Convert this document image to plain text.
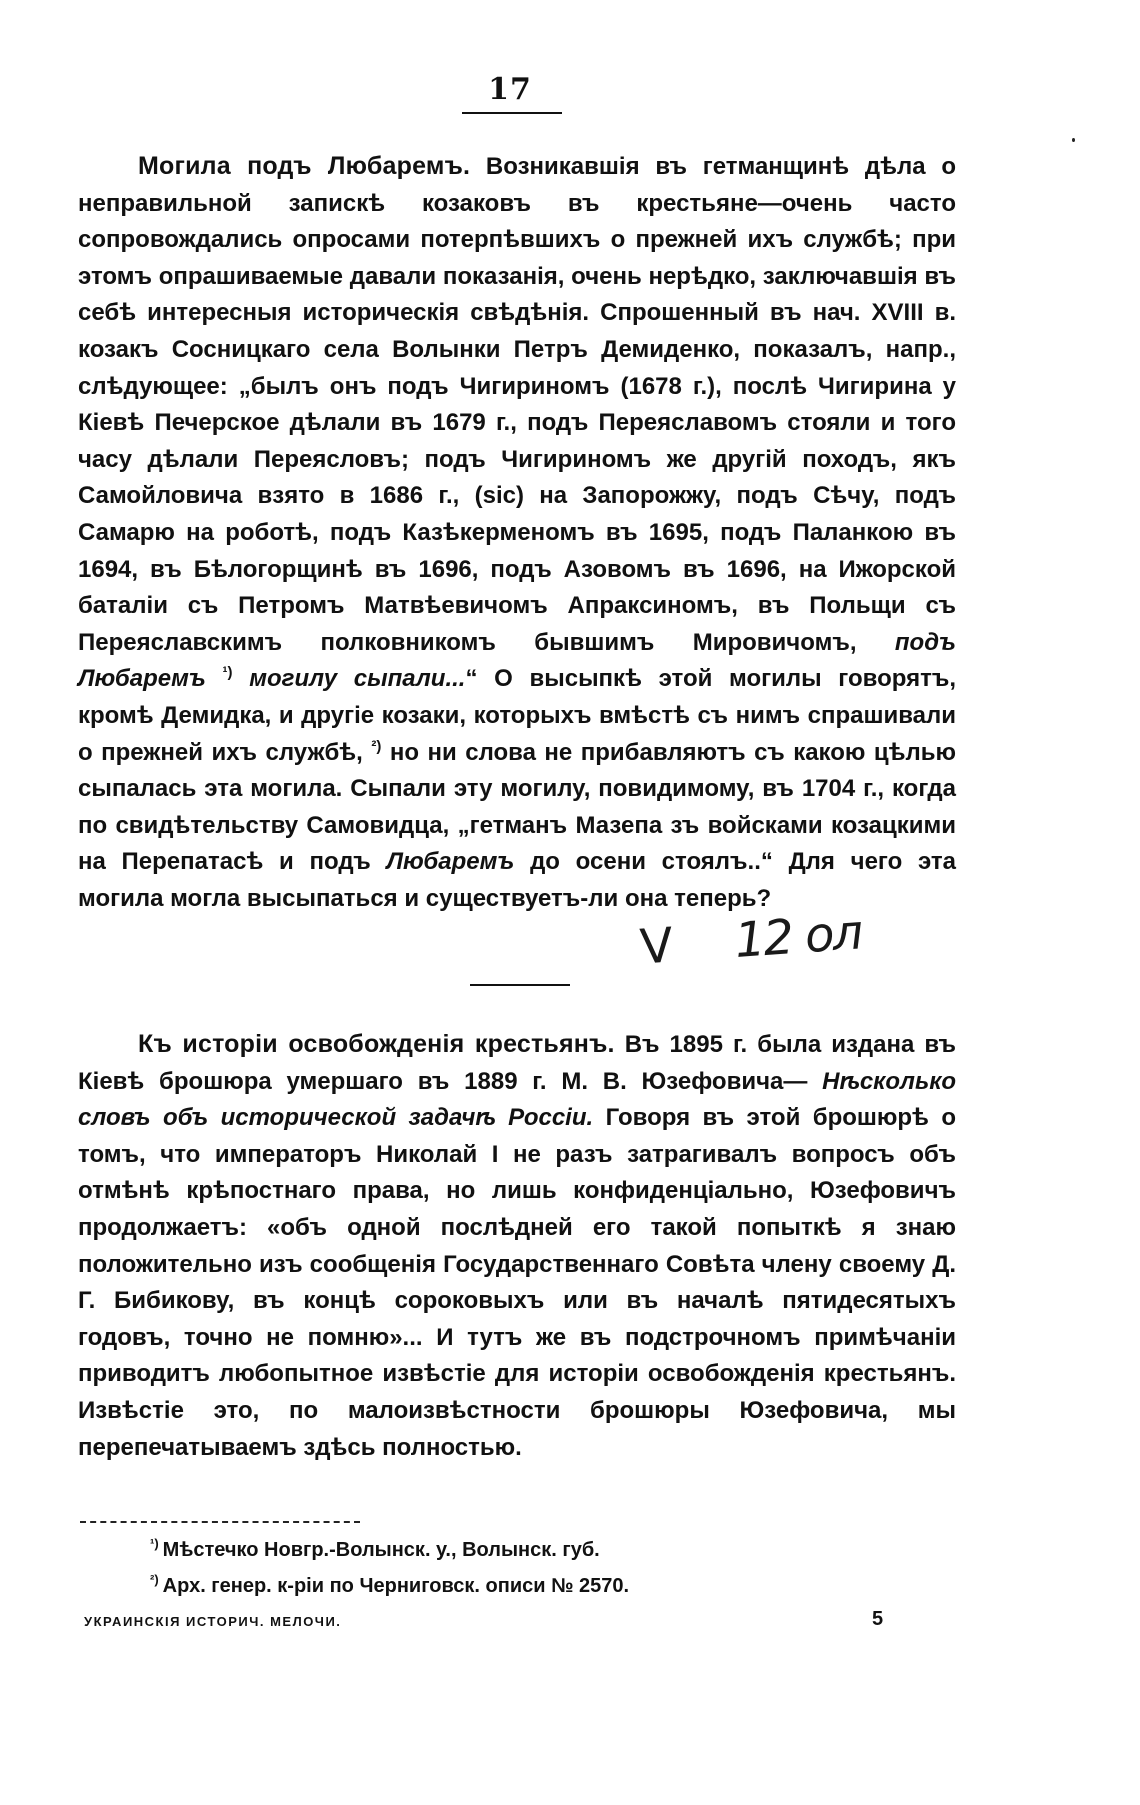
17

Могила подъ Любаремъ. Возникавшія въ гетманщинѣ дѣла о неправильной запискѣ козаковъ въ крестьяне—очень часто сопровождались опросами потерпѣвшихъ о прежней ихъ службѣ; при этомъ опрашиваемые давали показанія, очень нерѣдко, заключавшія въ себѣ интересныя историческія свѣдѣнія. Спрошенный въ нач. XVIII в. козакъ Сосницкаго села Волынки Петръ Демиденко, показалъ, напр., слѣдующее: „былъ онъ подъ Чигириномъ (1678 г.), послѣ Чигирина у Кіевѣ Печерское дѣлали въ 1679 г., подъ Переяславомъ стояли и того часу дѣлали Переясловъ; подъ Чигириномъ же другій походъ, якъ Самойловича взято в 1686 г., (sic) на Запорожжу, подъ Сѣчу, подъ Самарю на роботѣ, подъ Казѣкерменомъ въ 1695, подъ Паланкою въ 1694, въ Бѣлогорщинѣ въ 1696, подъ Азовомъ въ 1696, на Ижорской баталіи съ Петромъ Матвѣевичомъ Апраксиномъ, въ Польщи съ Переяславскимъ полковникомъ бывшимъ Мировичомъ, подъ Любаремъ $^{^1)}$ могилу сыпали...“ О высыпкѣ этой могилы говорятъ, кромѣ Демидка, и другіе козаки, которыхъ вмѣстѣ съ нимъ спрашивали о прежней ихъ службѣ, $^{^2)}$ но ни слова не прибавляютъ съ какою цѣлью сыпалась эта могила. Сыпали эту могилу, повидимому, въ 1704 г., когда по свидѣтельству Самовидца, „гетманъ Мазепа зъ войсками козацкими на Перепатасѣ и подъ Любаремъ до осени стоялъ..“ Для чего эта могила могла высыпаться и существуетъ-ли она теперь?

V 12 ол

Къ исторіи освобожденія крестьянъ. Въ 1895 г. была издана въ Кіевѣ брошюра умершаго въ 1889 г. М. В. Юзефовича— Нѣсколько словъ объ исторической задачѣ Россіи. Говоря въ этой брошюрѣ о томъ, что императоръ Николай I не разъ затрагивалъ вопросъ объ отмѣнѣ крѣпостнаго права, но лишь конфиденціально, Юзефовичъ продолжаетъ: «объ одной послѣдней его такой попыткѣ я знаю положительно изъ сообщенія Государственнаго Совѣта члену своему Д. Г. Бибикову, въ концѣ сороковыхъ или въ началѣ пятидесятыхъ годовъ, точно не помню»... И тутъ же въ подстрочномъ примѣчаніи приводитъ любопытное извѣстіе для исторіи освобожденія крестьянъ. Извѣстіе это, по малоизвѣстности брошюры Юзефовича, мы перепечатываемъ здѣсь полностью.

$^{^1)}$ Мѣстечко Новгр.-Волынск. у., Волынск. губ.

$^{^2)}$ Арх. генер. к-ріи по Черниговск. описи № 2570.

УКРАИНСКІЯ ИСТОРИЧ. МЕЛОЧИ.	5
